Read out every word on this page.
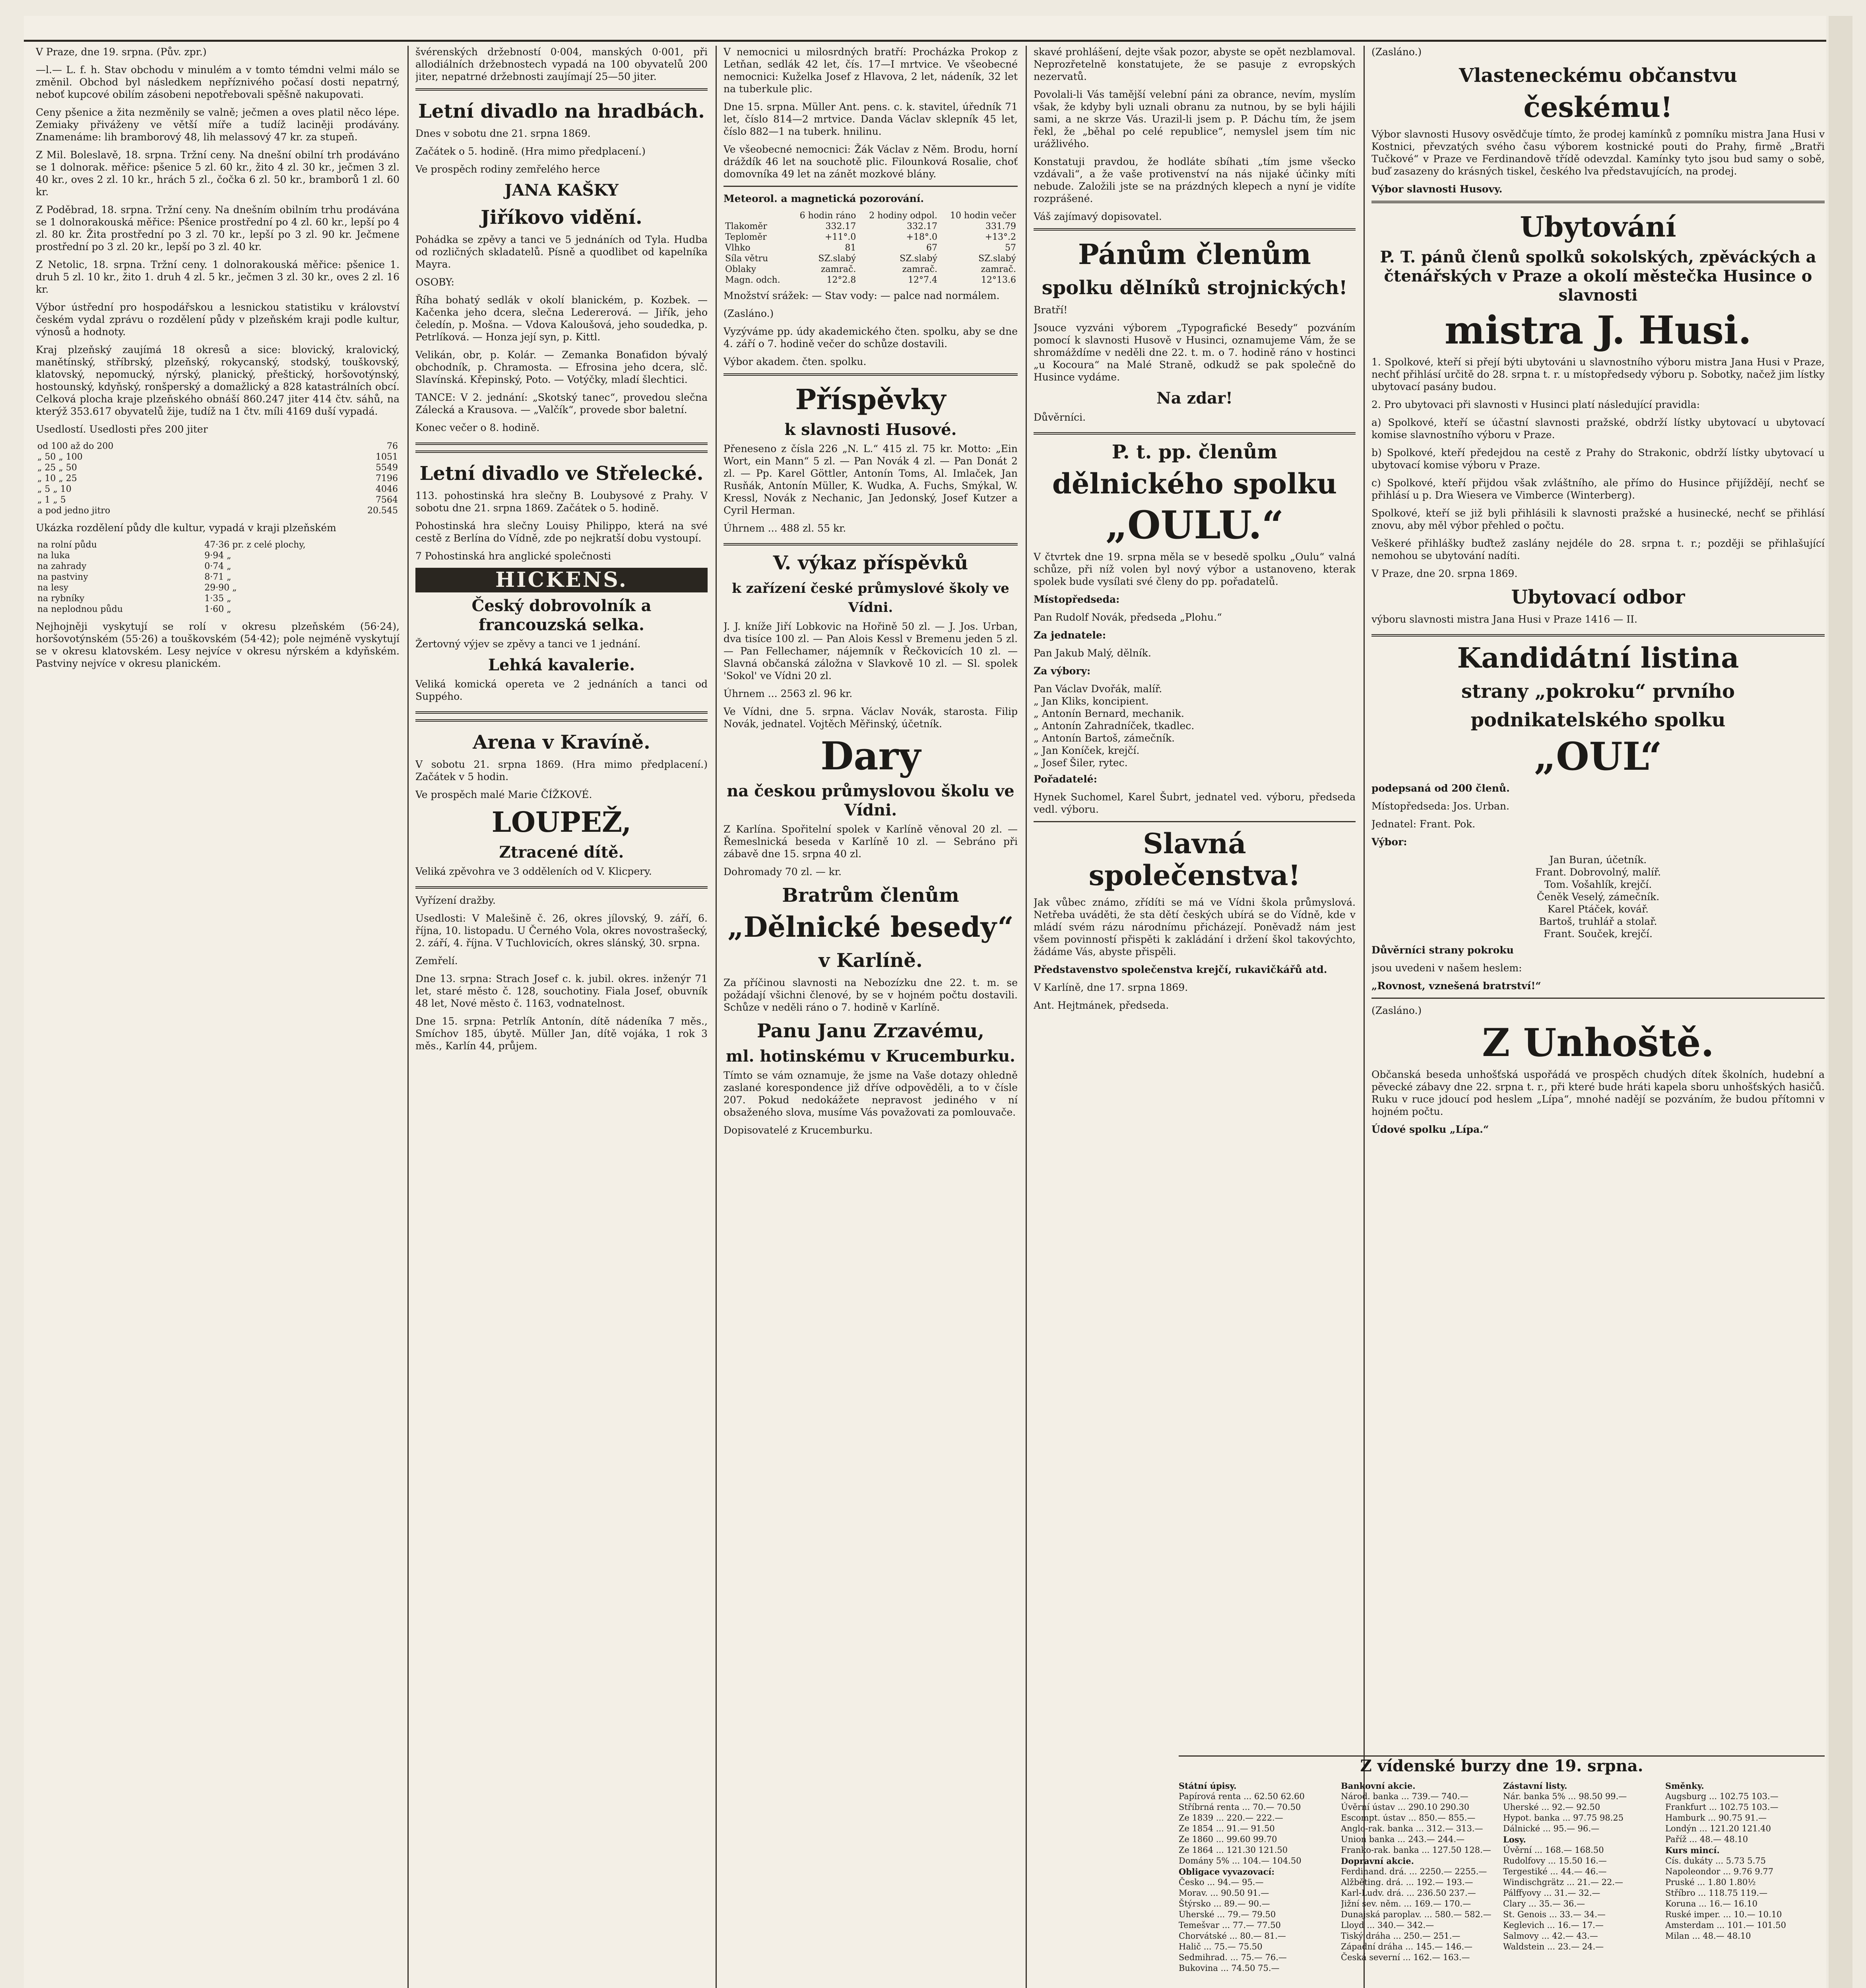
V Praze, dne 19. srpna. (Pův. zpr.)

—l.— L. f. h. Stav obchodu v minulém a v tomto témdni velmi málo se změnil. Obchod byl následkem nepříznivého počasí dosti nepatrný, neboť kupcové obilím zásobeni nepotřebovali spěšně nakupovati.

Ceny pšenice a žita nezměnily se valně; ječmen a oves platil něco lépe. Zemiaky přiváženy ve větší míře a tudíž laciněji prodávány. Znamenáme: lih bramborový 48, lih melassový 47 kr. za stupeň.

Z Mil. Boleslavě, 18. srpna. Tržní ceny. Na dnešní obilní trh prodáváno se 1 dolnorak. měřice: pšenice 5 zl. 60 kr., žito 4 zl. 30 kr., ječmen 3 zl. 40 kr., oves 2 zl. 10 kr., hrách 5 zl., čočka 6 zl. 50 kr., bramborů 1 zl. 60 kr.

Z Poděbrad, 18. srpna. Tržní ceny. Na dnešním obilním trhu prodávána se 1 dolnorakouská měřice: Pšenice prostřední po 4 zl. 60 kr., lepší po 4 zl. 80 kr. Žita prostřední po 3 zl. 70 kr., lepší po 3 zl. 90 kr. Ječmene prostřední po 3 zl. 20 kr., lepší po 3 zl. 40 kr.

Z Netolic, 18. srpna. Tržní ceny. 1 dolnorakouská měřice: pšenice 1. druh 5 zl. 10 kr., žito 1. druh 4 zl. 5 kr., ječmen 3 zl. 30 kr., oves 2 zl. 16 kr.

Výbor ústřední pro hospodářskou a lesnickou statistiku v království českém vydal zprávu o rozdělení půdy v plzeňském kraji podle kultur, výnosů a hodnoty.

Kraj plzeňský zaujímá 18 okresů a sice: blovický, kralovický, manětínský, stříbrský, plzeňský, rokycanský, stodský, touškovský, klatovský, nepomucký, nýrský, planický, přeštický, horšovotýnský, hostounský, kdyňský, ronšperský a domažlický a 828 katastrálních obcí. Celková plocha kraje plzeňského obnáší 860.247 jiter 414 čtv. sáhů, na kterýž 353.617 obyvatelů žije, tudíž na 1 čtv. míli 4169 duší vypadá.

Usedlostí. Usedlosti přes 200 jiter

od 100 až do 200	76
„ 50 „ 100	1051
„ 25 „ 50	5549
„ 10 „ 25	7196
„ 5 „ 10	4046
„ 1 „ 5	7564
a pod jedno jitro	20.545

Ukázka rozdělení půdy dle kultur, vypadá v kraji plzeňském

na rolní půdu	47·36 pr. z celé plochy,
na luka	9·94 „
na zahrady	0·74 „
na pastviny	8·71 „
na lesy	29·90 „
na rybníky	1·35 „
na neplodnou půdu	1·60 „

Nejhojněji vyskytují se rolí v okresu plzeňském (56·24), horšovotýnském (55·26) a touškovském (54·42); pole nejméně vyskytují se v okresu klatovském. Lesy nejvíce v okresu nýrském a kdyňském. Pastviny nejvíce v okresu planickém.

švérenských držebností 0·004, manských 0·001, při allodiálních držebnostech vypadá na 100 obyvatelů 200 jiter, nepatrné držebnosti zaujímají 25—50 jiter.

Letní divadlo na hradbách.

Dnes v sobotu dne 21. srpna 1869.

Začátek o 5. hodině. (Hra mimo předplacení.)

Ve prospěch rodiny zemřelého herce

JANA KAŠKY
Jiříkovo vidění.

Pohádka se zpěvy a tanci ve 5 jednáních od Tyla. Hudba od rozličných skladatelů. Písně a quodlibet od kapelníka Mayra.

OSOBY:

Říha bohatý sedlák v okolí blanickém, p. Kozbek. — Kačenka jeho dcera, slečna Ledererová. — Jiřík, jeho čeledín, p. Mošna. — Vdova Kaloušová, jeho soudedka, p. Petrlíková. — Honza její syn, p. Kittl.

Velikán, obr, p. Kolár. — Zemanka Bonaťidon bývalý obchodník, p. Chramosta. — Efrosina jeho dcera, slč. Slavínská. Křepinský, Poto. — Votýčky, mladí šlechtici.

TANCE: V 2. jednání: „Skotský tanec“, provedou slečna Zálecká a Krausova. — „Valčík“, provede sbor baletní.

Konec večer o 8. hodině.

Letní divadlo ve Střelecké.

113. pohostinská hra slečny B. Loubysové z Prahy. V sobotu dne 21. srpna 1869. Začátek o 5. hodině.

Pohostinská hra slečny Louisy Philippo, která na své cestě z Berlína do Vídně, zde po nejkratší dobu vystoupí.

7 Pohostinská hra anglické společnosti

HICKENS.
Český dobrovolník a francouzská selka.

Žertovný výjev se zpěvy a tanci ve 1 jednání.

Lehká kavalerie.

Veliká komická opereta ve 2 jednáních a tanci od Suppého.

Arena v Kravíně.

V sobotu 21. srpna 1869. (Hra mimo předplacení.) Začátek v 5 hodin.

Ve prospěch malé Marie ČÍŽKOVÉ.

LOUPEŽ,
Ztracené dítě.

Veliká zpěvohra ve 3 odděleních od V. Klicpery.

Vyřízení dražby.

Usedlosti: V Malešině č. 26, okres jílovský, 9. září, 6. října, 10. listopadu. U Černého Vola, okres novostrašecký, 2. září, 4. října. V Tuchlovicích, okres slánský, 30. srpna.

Zemřelí.

Dne 13. srpna: Strach Josef c. k. jubil. okres. inženýr 71 let, staré město č. 128, souchotiny. Fiala Josef, obuvník 48 let, Nové město č. 1163, vodnatelnost.

Dne 15. srpna: Petrlík Antonín, dítě nádeníka 7 měs., Smíchov 185, úbytě. Müller Jan, dítě vojáka, 1 rok 3 měs., Karlín 44, průjem.

V nemocnici u milosrdných bratří: Procházka Prokop z Letňan, sedlák 42 let, čís. 17—I mrtvice. Ve všeobecné nemocnici: Kuželka Josef z Hlavova, 2 let, nádeník, 32 let na tuberkule plic.

Dne 15. srpna. Müller Ant. pens. c. k. stavitel, úředník 71 let, číslo 814—2 mrtvice. Danda Václav sklepník 45 let, číslo 882—1 na tuberk. hnilinu.

Ve všeobecné nemocnici: Žák Václav z Něm. Brodu, horní dráždík 46 let na souchotě plic. Filounková Rosalie, choť domovníka 49 let na zánět mozkové blány.

Meteorol. a magnetická pozorování.

	6 hodin ráno	2 hodiny odpol.	10 hodin večer
Tlakoměr	332.17	332.17	331.79
Teploměr	+11°.0	+18°.0	+13°.2
Vlhko	81	67	57
Síla větru	SZ.slabý	SZ.slabý	SZ.slabý
Oblaky	zamrač.	zamrač.	zamrač.
Magn. odch.	12°2.8	12°7.4	12°13.6

Množství srážek: — Stav vody: — palce nad normálem.

(Zasláno.)

Vyzýváme pp. údy akademického čten. spolku, aby se dne 4. září o 7. hodině večer do schůze dostavili.

Výbor akadem. čten. spolku.

Příspěvky
k slavnosti Husové.

Přeneseno z čísla 226 „N. L.“ 415 zl. 75 kr. Motto: „Ein Wort, ein Mann“ 5 zl. — Pan Novák 4 zl. — Pan Donát 2 zl. — Pp. Karel Göttler, Antonín Toms, Al. Imlaček, Jan Rusňák, Antonín Müller, K. Wudka, A. Fuchs, Smýkal, W. Kressl, Novák z Nechanic, Jan Jedonský, Josef Kutzer a Cyril Herman.

Úhrnem ... 488 zl. 55 kr.

V. výkaz příspěvků
k zařízení české průmyslové školy ve Vídni.

J. J. kníže Jiří Lobkovic na Hořině 50 zl. — J. Jos. Urban, dva tisíce 100 zl. — Pan Alois Kessl v Bremenu jeden 5 zl. — Pan Fellechamer, nájemník v Řečkovicích 10 zl. — Slavná občanská záložna v Slavkově 10 zl. — Sl. spolek 'Sokol' ve Vídni 20 zl.

Úhrnem ... 2563 zl. 96 kr.

Ve Vídni, dne 5. srpna. Václav Novák, starosta. Filip Novák, jednatel. Vojtěch Měřinský, účetník.

Dary
na českou průmyslovou školu ve Vídni.

Z Karlína. Spořitelní spolek v Karlíně věnoval 20 zl. — Řemeslnická beseda v Karlíně 10 zl. — Sebráno při zábavě dne 15. srpna 40 zl.

Dohromady 70 zl. — kr.

Bratrům členům
„Dělnické besedy“
v Karlíně.

Za příčinou slavnosti na Nebozízku dne 22. t. m. se požádají všichni členové, by se v hojném počtu dostavili. Schůze v neděli ráno o 7. hodině v Karlíně.

Panu Janu Zrzavému,
ml. hotinskému v Krucemburku.

Tímto se vám oznamuje, že jsme na Vaše dotazy ohledně zaslané korespondence již dříve odpověděli, a to v čísle 207. Pokud nedokážete nepravost jediného v ní obsaženého slova, musíme Vás považovati za pomlouvače.

Dopisovatelé z Krucemburku.

skavé prohlášení, dejte však pozor, abyste se opět nezblamoval. Neprozřetelně konstatujete, že se pasuje z evropských nezervatů.

Povolali-li Vás tamější velební páni za obrance, nevím, myslím však, že kdyby byli uznali obranu za nutnou, by se byli hájili sami, a ne skrze Vás. Urazil-li jsem p. P. Dáchu tím, že jsem řekl, že „běhal po celé republice“, nemyslel jsem tím nic urážlivého.

Konstatuji pravdou, že hodláte sbíhati „tím jsme všecko vzdávali“, a že vaše protivenství na nás nijaké účinky míti nebude. Založili jste se na prázdných klepech a nyní je vidíte rozprášené.

Váš zajímavý dopisovatel.

Pánům členům
spolku dělníků strojnických!

Bratří!

Jsouce vyzváni výborem „Typografické Besedy“ pozváním pomocí k slavnosti Husově v Husinci, oznamujeme Vám, že se shromáždíme v neděli dne 22. t. m. o 7. hodině ráno v hostinci „u Kocoura“ na Malé Straně, odkudž se pak společně do Husince vydáme.

Na zdar!

Důvěrníci.

P. t. pp. členům
dělnického spolku
„OULU.“

V čtvrtek dne 19. srpna měla se v besedě spolku „Oulu“ valná schůze, při níž volen byl nový výbor a ustanoveno, kterak spolek bude vysílati své členy do pp. pořadatelů.

Místopředseda:

Pan Rudolf Novák, předseda „Plohu.“

Za jednatele:

Pan Jakub Malý, dělník.

Za výbory:

Pan Václav Dvořák, malíř.
„ Jan Kliks, koncipient.
„ Antonín Bernard, mechanik.
„ Antonín Zahradníček, tkadlec.
„ Antonín Bartoš, zámečník.
„ Jan Koníček, krejčí.
„ Josef Šiler, rytec.

Pořadatelé:

Hynek Suchomel, Karel Šubrt, jednatel ved. výboru, předseda vedl. výboru.

Slavná společenstva!

Jak vůbec známo, zřídíti se má ve Vídni škola průmyslová. Netřeba uváděti, že sta dětí českých ubírá se do Vídně, kde v mládí svém rázu národnímu přicházejí. Poněvadž nám jest všem povinností přispěti k zakládání i držení škol takovýchto, žádáme Vás, abyste přispěli.

Představenstvo společenstva krejčí, rukavičkářů atd.

V Karlíně, dne 17. srpna 1869.

Ant. Hejtmánek, předseda.

(Zasláno.)

Vlasteneckému občanstvu
českému!

Výbor slavnosti Husovy osvědčuje tímto, že prodej kamínků z pomníku mistra Jana Husi v Kostnici, převzatých svého času výborem kostnické pouti do Prahy, firmě „Bratři Tučkové“ v Praze ve Ferdinandově třídě odevzdal. Kamínky tyto jsou bud samy o sobě, buď zasazeny do krásných tiskel, českého lva představujících, na prodej.

Výbor slavnosti Husovy.

Ubytování
P. T. pánů členů spolků sokolských, zpěváckých a čtenářských v Praze a okolí městečka Husince o slavnosti
mistra J. Husi.

1. Spolkové, kteří si přejí býti ubytováni u slavnostního výboru mistra Jana Husi v Praze, nechť přihlásí určitě do 28. srpna t. r. u místopředsedy výboru p. Sobotky, načež jim lístky ubytovací pasány budou.

2. Pro ubytovaci při slavnosti v Husinci platí následující pravidla:

a) Spolkové, kteří se účastní slavnosti pražské, obdrží lístky ubytovací u ubytovací komise slavnostního výboru v Praze.

b) Spolkové, kteří předejdou na cestě z Prahy do Strakonic, obdrží lístky ubytovací u ubytovací komise výboru v Praze.

c) Spolkové, kteří přijdou však zvláštního, ale přímo do Husince přijíždějí, nechť se přihlásí u p. Dra Wiesera ve Vimberce (Winterberg).

Spolkové, kteří se již byli přihlásili k slavnosti pražské a husinecké, nechť se přihlásí znovu, aby měl výbor přehled o počtu.

Veškeré přihlášky buďtež zaslány nejdéle do 28. srpna t. r.; později se přihlašující nemohou se ubytování nadíti.

V Praze, dne 20. srpna 1869.

Ubytovací odbor

výboru slavnosti mistra Jana Husi v Praze 1416 — II.

Kandidátní listina
strany „pokroku“ prvního
podnikatelského spolku
„OUL“

podepsaná od 200 členů.

Místopředseda: Jos. Urban.

Jednatel: Frant. Pok.

Výbor:

Jan Buran, účetník.
Frant. Dobrovolný, malíř.
Tom. Vošahlík, krejčí.
Čeněk Veselý, zámečník.
Karel Ptáček, kovář.
Bartoš, truhlář a stolař.
Frant. Souček, krejčí.

Důvěrníci strany pokroku

jsou uvedeni v našem heslem:

„Rovnost, vznešená bratrství!“

(Zasláno.)

Z Unhoště.

Občanská beseda unhošťská uspořádá ve prospěch chudých dítek školních, hudební a pěvecké zábavy dne 22. srpna t. r., při které bude hráti kapela sboru unhošťských hasičů. Ruku v ruce jdoucí pod heslem „Lípa“, mnohé nadějí se pozváním, že budou přítomni v hojném počtu.

Údové spolku „Lípa.“

Z vídenské burzy dne 19. srpna.
Státní úpisy.
Papírová renta ... 62.50 62.60
Stříbrná renta ... 70.— 70.50
Ze 1839 ... 220.— 222.—
Ze 1854 ... 91.— 91.50
Ze 1860 ... 99.60 99.70
Ze 1864 ... 121.30 121.50
Domány 5% ... 104.— 104.50
Obligace vyvazovací:
Česko ... 94.— 95.—
Morav. ... 90.50 91.—
Štýrsko ... 89.— 90.—
Uherské ... 79.— 79.50
Temešvar ... 77.— 77.50
Chorvátské ... 80.— 81.—
Halič ... 75.— 75.50
Sedmihrad. ... 75.— 76.—
Bukovina ... 74.50 75.—
Bankovní akcie.
Národ. banka ... 739.— 740.—
Úvěrní ústav ... 290.10 290.30
Escompt. ústav ... 850.— 855.—
Anglo-rak. banka ... 312.— 313.—
Union banka ... 243.— 244.—
Franko-rak. banka ... 127.50 128.—
Dopravní akcie.
Ferdinand. drá. ... 2250.— 2255.—
Alžběting. drá. ... 192.— 193.—
Karl-Ludv. drá. ... 236.50 237.—
Jižní sev. něm. ... 169.— 170.—
Dunajská paroplav. ... 580.— 582.—
Lloyd ... 340.— 342.—
Tiský dráha ... 250.— 251.—
Západní dráha ... 145.— 146.—
Česká severní ... 162.— 163.—
Zástavní listy.
Nár. banka 5% ... 98.50 99.—
Uherské ... 92.— 92.50
Hypot. banka ... 97.75 98.25
Dálnické ... 95.— 96.—
Losy.
Úvěrní ... 168.— 168.50
Rudolfovy ... 15.50 16.—
Tergestiké ... 44.— 46.—
Windischgrätz ... 21.— 22.—
Pálffyovy ... 31.— 32.—
Clary ... 35.— 36.—
St. Genois ... 33.— 34.—
Keglevich ... 16.— 17.—
Salmovy ... 42.— 43.—
Waldstein ... 23.— 24.—
Směnky.
Augsburg ... 102.75 103.—
Frankfurt ... 102.75 103.—
Hamburk ... 90.75 91.—
Londýn ... 121.20 121.40
Paříž ... 48.— 48.10
Kurs mincí.
Cís. dukáty ... 5.73 5.75
Napoleondor ... 9.76 9.77
Pruské ... 1.80 1.80½
Stříbro ... 118.75 119.—
Koruna ... 16.— 16.10
Ruské imper. ... 10.— 10.10
Amsterdam ... 101.— 101.50
Milan ... 48.— 48.10
